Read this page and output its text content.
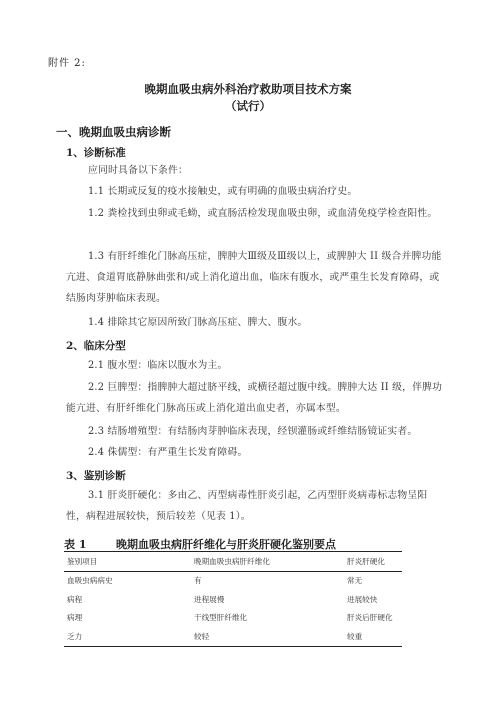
附件 2:
晚期血吸虫病外科治疗救助项目技术方案
（试行）
一、晚期血吸虫病诊断
1、诊断标准
应同时具备以下条件：
1.1 长期或反复的疫水接触史，或有明确的血吸虫病治疗史。
1.2 粪检找到虫卵或毛蚴，或直肠活检发现血吸虫卵，或血清免疫学检查阳性。
1.3 有肝纤维化门脉高压症，脾肿大Ⅲ级及Ⅲ级以上，或脾肿大 II 级合并脾功能亢进、食道胃底静脉曲张和/或上消化道出血，临床有腹水，或严重生长发育障碍，或结肠肉芽肿临床表现。
1.4 排除其它原因所致门脉高压症、脾大、腹水。
2、临床分型
2.1 腹水型：临床以腹水为主。
2.2 巨脾型：指脾肿大超过脐平线，或横径超过腹中线。脾肿大达 II 级，伴脾功能亢进、有肝纤维化门脉高压或上消化道出血史者，亦属本型。
2.3 结肠增殖型：有结肠肉芽肿临床表现，经钡灌肠或纤维结肠镜证实者。
2.4 侏儒型：有严重生长发育障碍。
3、鉴别诊断
3.1 肝炎肝硬化：多由乙、丙型病毒性肝炎引起，乙丙型肝炎病毒标志物呈阳性，病程进展较快，预后较差（见表 1）。
表 1	晚期血吸虫病肝纤维化与肝炎肝硬化鉴别要点
鉴别项目	晚期血吸虫病肝纤维化	肝炎肝硬化
血吸虫病病史	有	常无
病程	进程展慢	进展较快
病理	干线型肝纤维化	肝炎后肝硬化
乏力	较轻	较重
